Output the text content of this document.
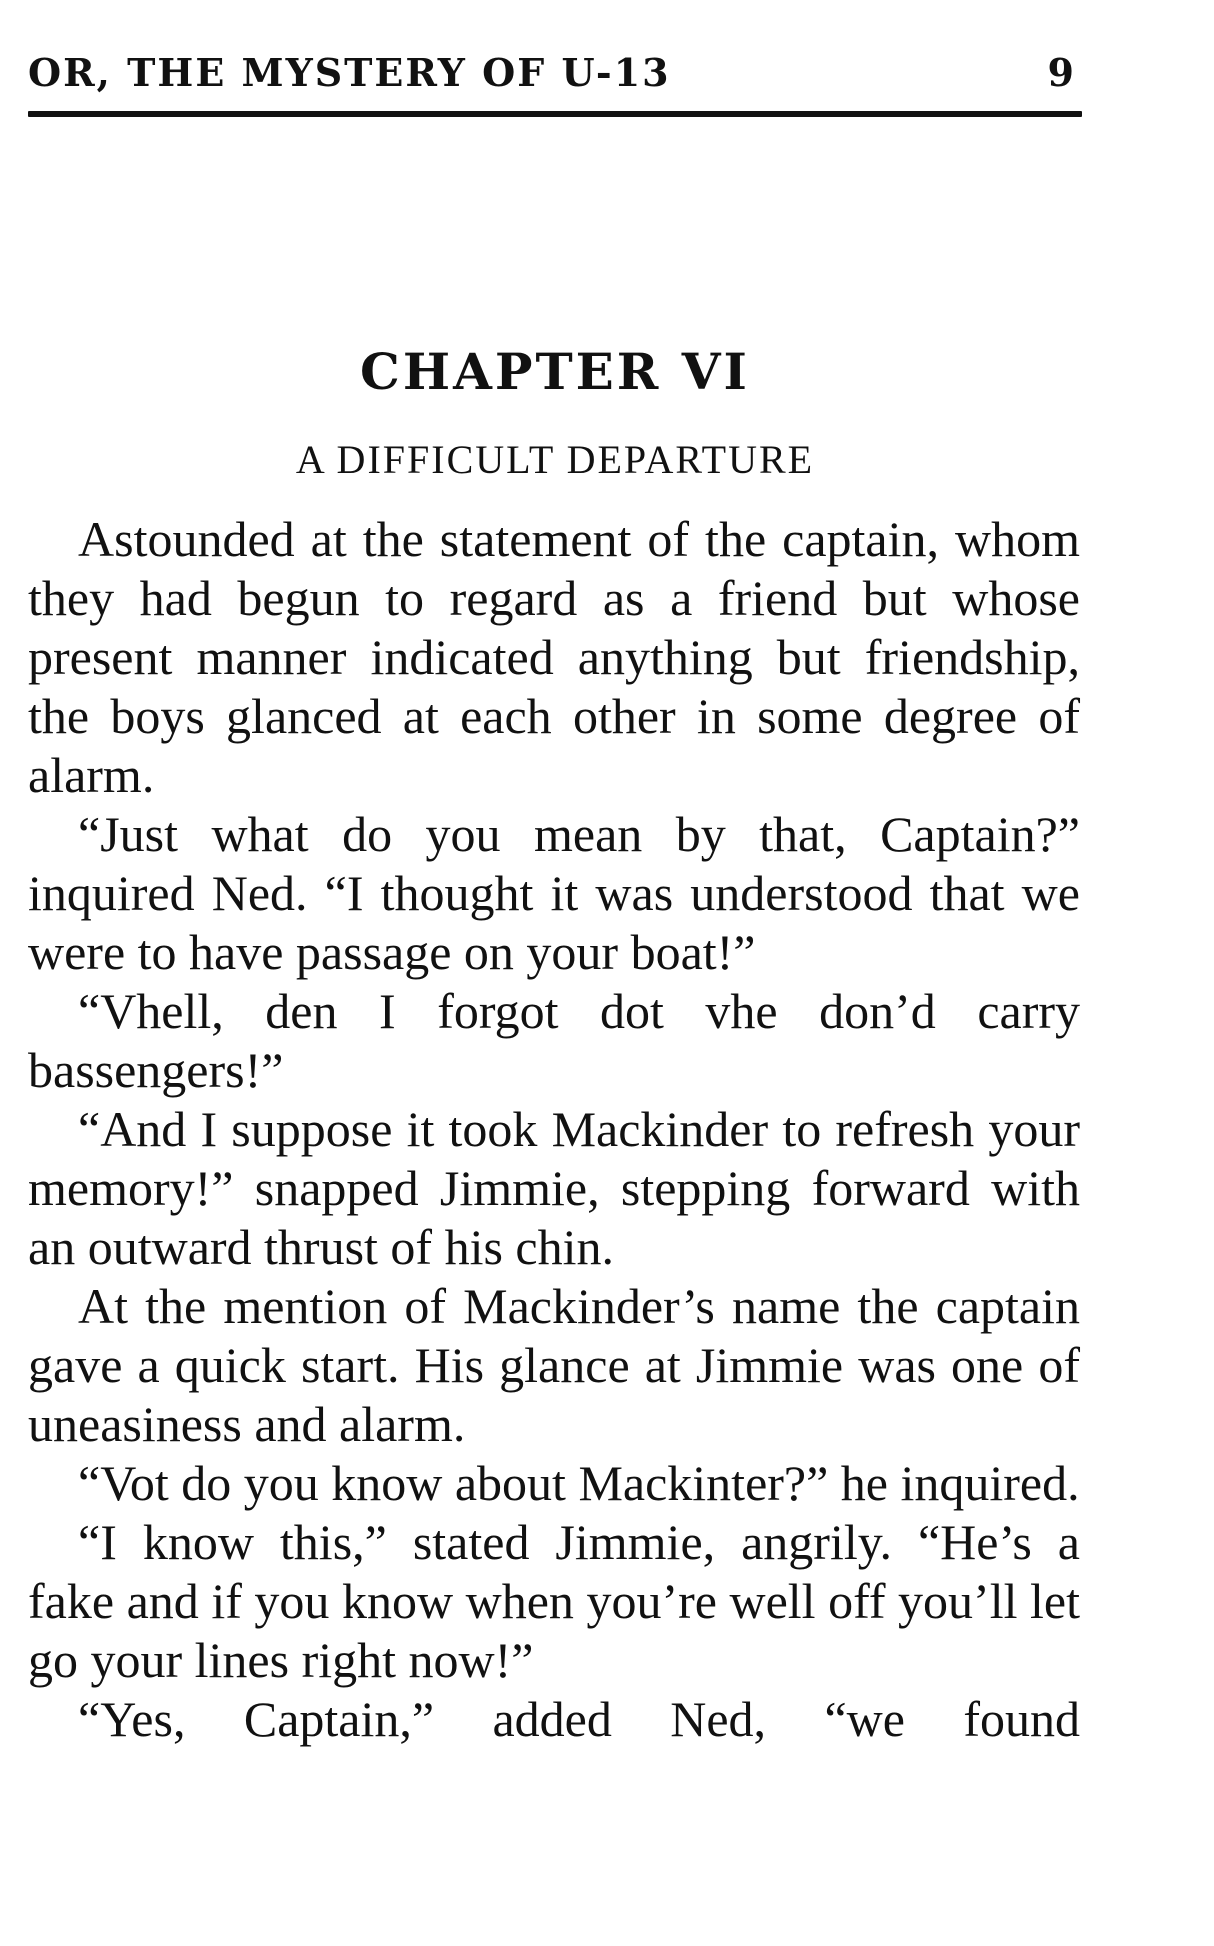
OR, THE MYSTERY OF U-13	9
CHAPTER VI
A DIFFICULT DEPARTURE

Astounded at the statement of the captain, whom they had begun to regard as a friend but whose present manner indicated anything but friendship, the boys glanced at each other in some degree of alarm.

“Just what do you mean by that, Captain?” inquired Ned. “I thought it was understood that we were to have passage on your boat!”

“Vhell, den I forgot dot vhe don’d carry bassengers!”

“And I suppose it took Mackinder to refresh your memory!” snapped Jimmie, stepping forward with an outward thrust of his chin.

At the mention of Mackinder’s name the captain gave a quick start. His glance at Jimmie was one of uneasiness and alarm.

“Vot do you know about Mackinter?” he inquired.

“I know this,” stated Jimmie, angrily. “He’s a fake and if you know when you’re well off you’ll let go your lines right now!”

“Yes, Captain,” added Ned, “we found
